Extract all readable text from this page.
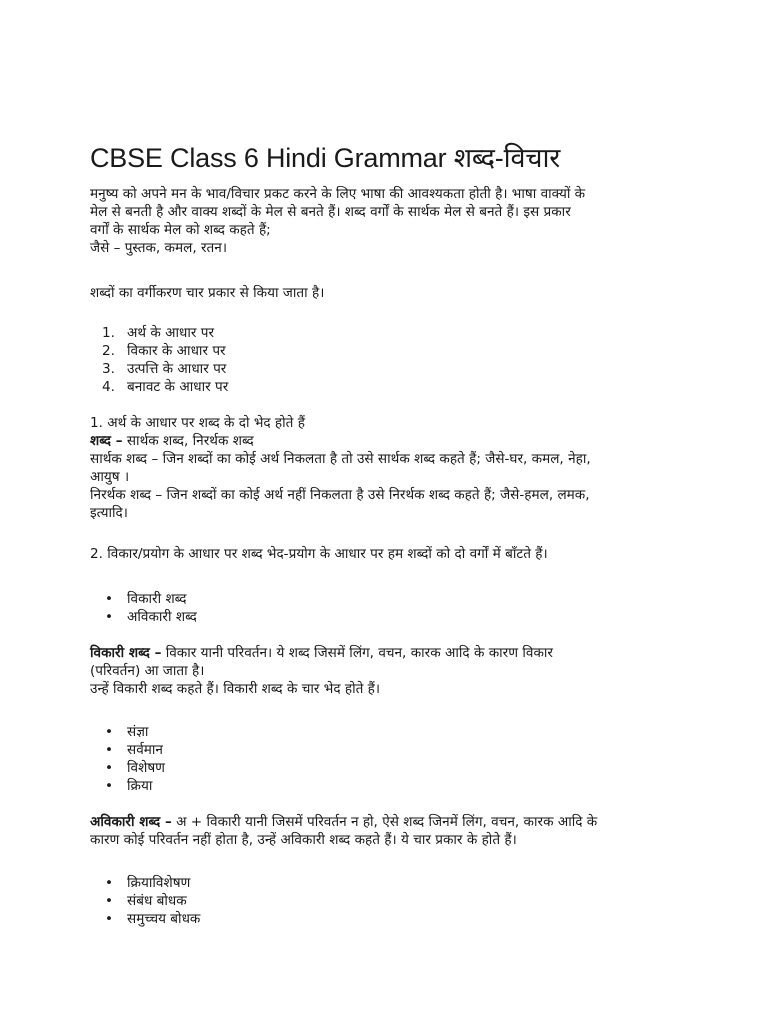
CBSE Class 6 Hindi Grammar शब्द-विचार

मनुष्य को अपने मन के भाव/विचार प्रकट करने के लिए भाषा की आवश्यकता होती है। भाषा वाक्यों के

मेल से बनती है और वाक्य शब्दों के मेल से बनते हैं। शब्द वर्गों के सार्थक मेल से बनते हैं। इस प्रकार

वर्गों के सार्थक मेल को शब्द कहते हैं;

जैसे – पुस्तक, कमल, रतन।

शब्दों का वर्गीकरण चार प्रकार से किया जाता है।

1. अर्थ के आधार पर
2. विकार के आधार पर
3. उत्पत्ति के आधार पर
4. बनावट के आधार पर

1. अर्थ के आधार पर शब्द के दो भेद होते हैं

शब्द – सार्थक शब्द, निरर्थक शब्द

सार्थक शब्द – जिन शब्दों का कोई अर्थ निकलता है तो उसे सार्थक शब्द कहते हैं; जैसे-घर, कमल, नेहा,

आयुष ।

निरर्थक शब्द – जिन शब्दों का कोई अर्थ नहीं निकलता है उसे निरर्थक शब्द कहते हैं; जैसे-हमल, लमक,

इत्यादि।

2. विकार/प्रयोग के आधार पर शब्द भेद-प्रयोग के आधार पर हम शब्दों को दो वर्गों में बाँटते हैं।

• विकारी शब्द
• अविकारी शब्द

विकारी शब्द – विकार यानी परिवर्तन। ये शब्द जिसमें लिंग, वचन, कारक आदि के कारण विकार

(परिवर्तन) आ जाता है।

उन्हें विकारी शब्द कहते हैं। विकारी शब्द के चार भेद होते हैं।

• संज्ञा
• सर्वमान
• विशेषण
• क्रिया

अविकारी शब्द – अ + विकारी यानी जिसमें परिवर्तन न हो, ऐसे शब्द जिनमें लिंग, वचन, कारक आदि के

कारण कोई परिवर्तन नहीं होता है, उन्हें अविकारी शब्द कहते हैं। ये चार प्रकार के होते हैं।

• क्रियाविशेषण
• संबंध बोधक
• समुच्चय बोधक
